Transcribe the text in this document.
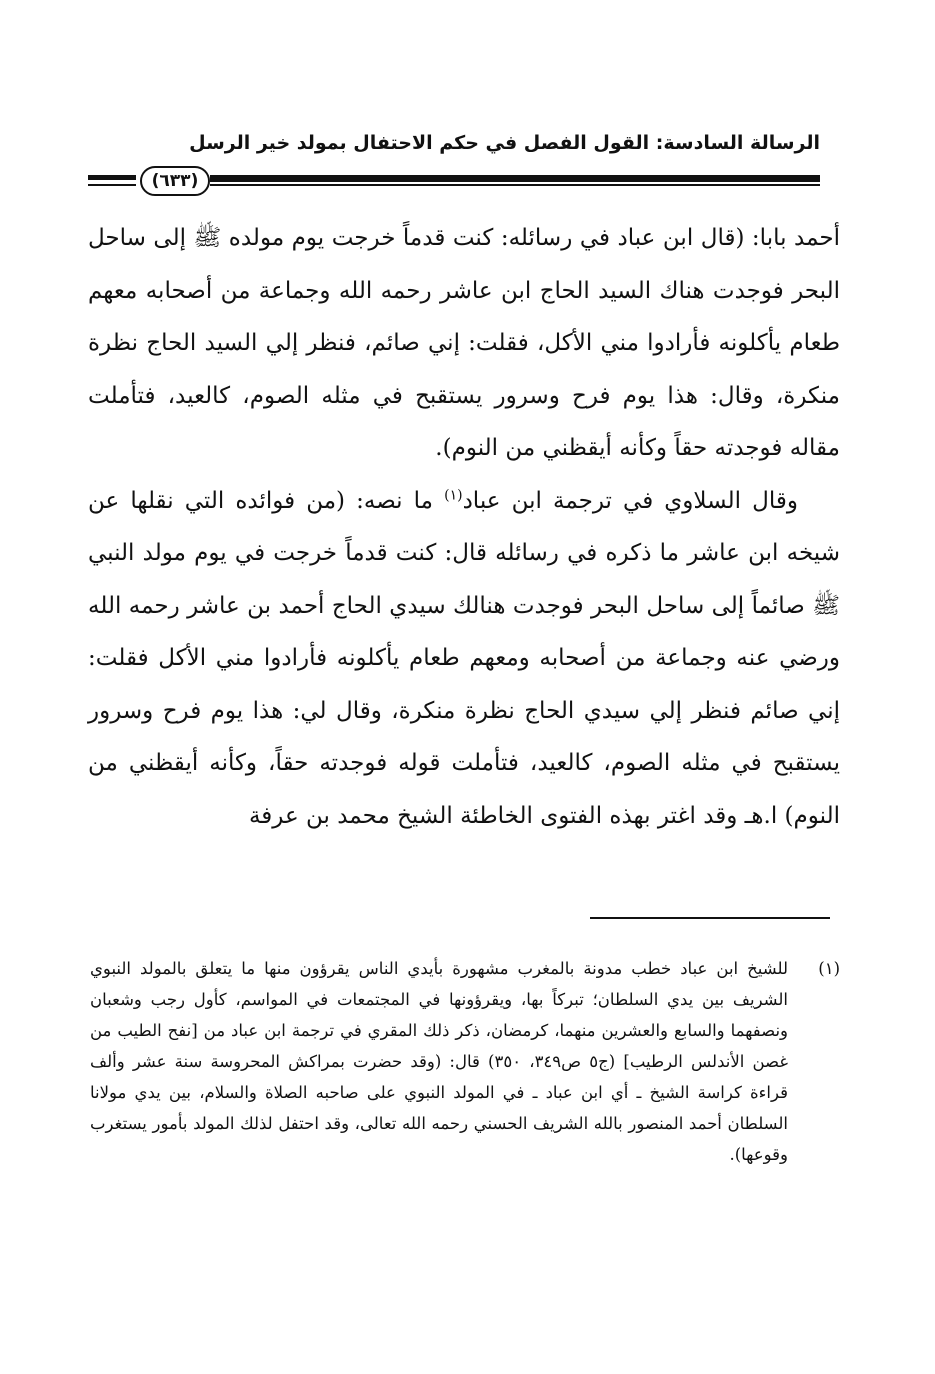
الرسالة السادسة: القول الفصل في حكم الاحتفال بمولد خير الرسل
(٦٣٣)

أحمد بابا: (قال ابن عباد في رسائله: كنت قدماً خرجت يوم مولده ﷺ إلى ساحل البحر فوجدت هناك السيد الحاج ابن عاشر رحمه الله وجماعة من أصحابه معهم طعام يأكلونه فأرادوا مني الأكل، فقلت: إني صائم، فنظر إلي السيد الحاج نظرة منكرة، وقال: هذا يوم فرح وسرور يستقبح في مثله الصوم، كالعيد، فتأملت مقاله فوجدته حقاً وكأنه أيقظني من النوم).

وقال السلاوي في ترجمة ابن عباد$^{(١)}$ ما نصه: (من فوائده التي نقلها عن شيخه ابن عاشر ما ذكره في رسائله قال: كنت قدماً خرجت في يوم مولد النبي ﷺ صائماً إلى ساحل البحر فوجدت هنالك سيدي الحاج أحمد بن عاشر رحمه الله ورضي عنه وجماعة من أصحابه ومعهم طعام يأكلونه فأرادوا مني الأكل فقلت: إني صائم فنظر إلي سيدي الحاج نظرة منكرة، وقال لي: هذا يوم فرح وسرور يستقبح في مثله الصوم، كالعيد، فتأملت قوله فوجدته حقاً، وكأنه أيقظني من النوم) ا.هـ وقد اغتر بهذه الفتوى الخاطئة الشيخ محمد بن عرفة

(١)
للشيخ ابن عباد خطب مدونة بالمغرب مشهورة بأيدي الناس يقرؤون منها ما يتعلق بالمولد النبوي الشريف بين يدي السلطان؛ تبركاً بها، ويقرؤونها في المجتمعات في المواسم، كأول رجب وشعبان ونصفهما والسابع والعشرين منهما، كرمضان، ذكر ذلك المقري في ترجمة ابن عباد من [نفح الطيب من غصن الأندلس الرطيب] (ج٥ ص٣٤٩، ٣٥٠) قال: (وقد حضرت بمراكش المحروسة سنة عشر وألف قراءة كراسة الشيخ ـ أي ابن عباد ـ في المولد النبوي على صاحبه الصلاة والسلام، بين يدي مولانا السلطان أحمد المنصور بالله الشريف الحسني رحمه الله تعالى، وقد احتفل لذلك المولد بأمور يستغرب وقوعها).
